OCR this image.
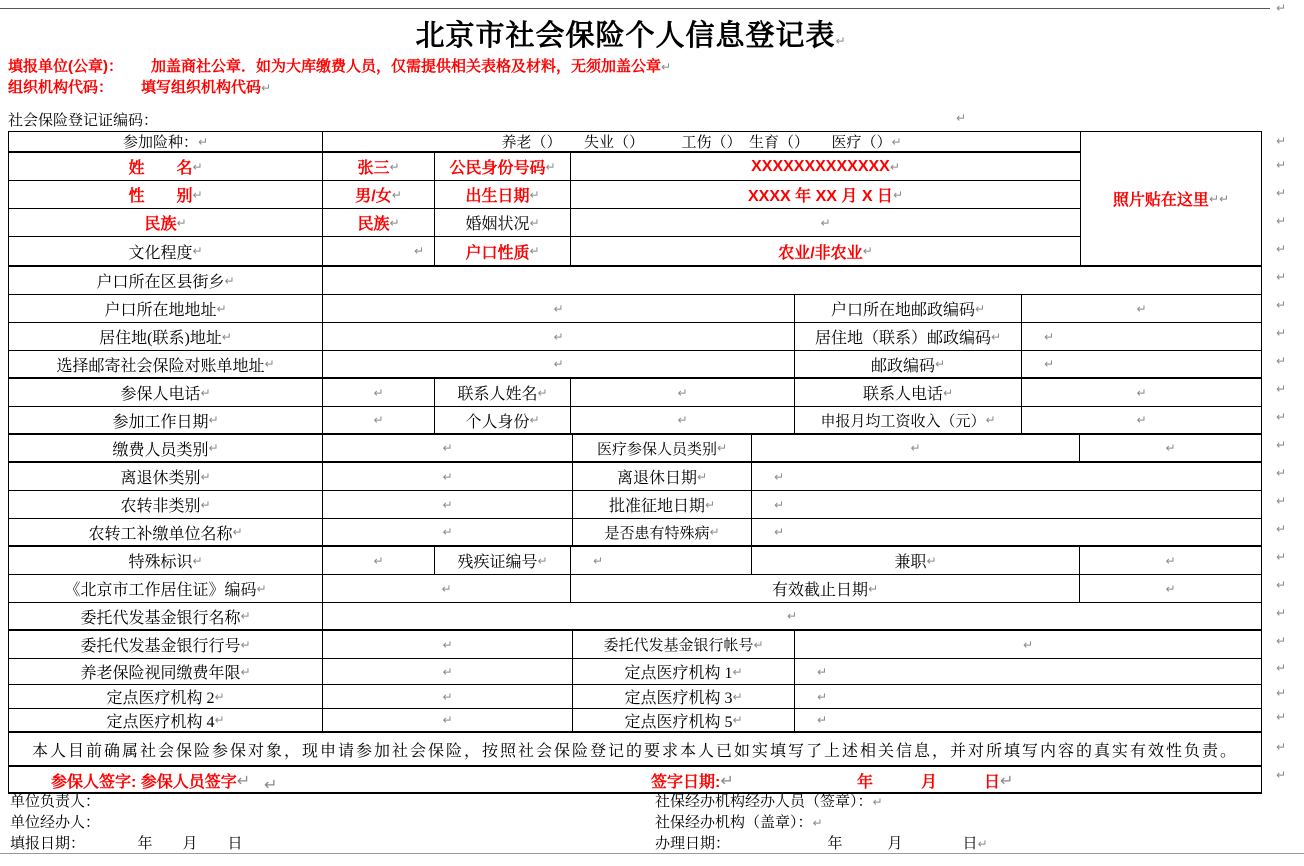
↵
北京市社会保险个人信息登记表↵
填报单位(公章)： 加盖商社公章．如为大库缴费人员，仅需提供相关表格及材料，无须加盖公章↵
组织机构代码： 填写组织机构代码↵
社会保险登记证编码：	↵
参加险种： ↵	养老（）　　失业（）　　　工伤（）　生育（）　　医疗（） ↵
姓　　名 ↵	张三 ↵	公民身份号码 ↵	XXXXXXXXXXXXX ↵
性　　别 ↵	男/女 ↵	出生日期 ↵	XXXX 年 XX 月 X 日 ↵
民族 ↵	民族 ↵	婚姻状况 ↵	↵
文化程度 ↵	↵	户口性质 ↵	农业/非农业 ↵
照片贴在这里 ↵ ↵
户口所在区县街乡 ↵
户口所在地地址 ↵	↵	户口所在地邮政编码 ↵	↵
居住地(联系)地址 ↵	↵	居住地（联系）邮政编码 ↵	↵
选择邮寄社会保险对账单地址 ↵	↵	邮政编码 ↵	↵
参保人电话 ↵	↵	联系人姓名 ↵	↵	联系人电话 ↵	↵
参加工作日期 ↵	↵	个人身份 ↵	↵	申报月均工资收入（元） ↵	↵
缴费人员类别 ↵	↵	医疗参保人员类别 ↵	↵	↵
离退休类别 ↵	↵	离退休日期 ↵	↵
农转非类别 ↵	↵	批准征地日期 ↵	↵
农转工补缴单位名称 ↵	↵	是否患有特殊病 ↵	↵
特殊标识 ↵	↵	残疾证编号 ↵	↵	兼职 ↵	↵
《北京市工作居住证》编码 ↵	↵	有效截止日期 ↵	↵
委托代发基金银行名称 ↵	↵
委托代发基金银行行号 ↵	↵	委托代发基金银行帐号 ↵	↵
养老保险视同缴费年限 ↵	↵	定点医疗机构 1 ↵	↵
定点医疗机构 2 ↵	↵	定点医疗机构 3 ↵	↵
定点医疗机构 4 ↵	↵	定点医疗机构 5 ↵	↵
本人目前确属社会保险参保对象，现申请参加社会保险，按照社会保险登记的要求本人已如实填写了上述相关信息，并对所填写内容的真实有效性负责。
参保人签字: 参保人员签字 ↵ ↵	签字日期: ↵	年	月	日 ↵
单位负责人：	社保经办机构经办人员（签章）：↵
单位经办人：	社保经办机构（盖章）：↵
填报日期：　　　　年　　月　　日	办理日期：　　　　　　　年　　　月　　　　日↵
↵
↵
↵
↵
↵
↵
↵
↵
↵
↵
↵
↵
↵
↵
↵
↵
↵
↵
↵
↵
↵
↵
↵
↵
